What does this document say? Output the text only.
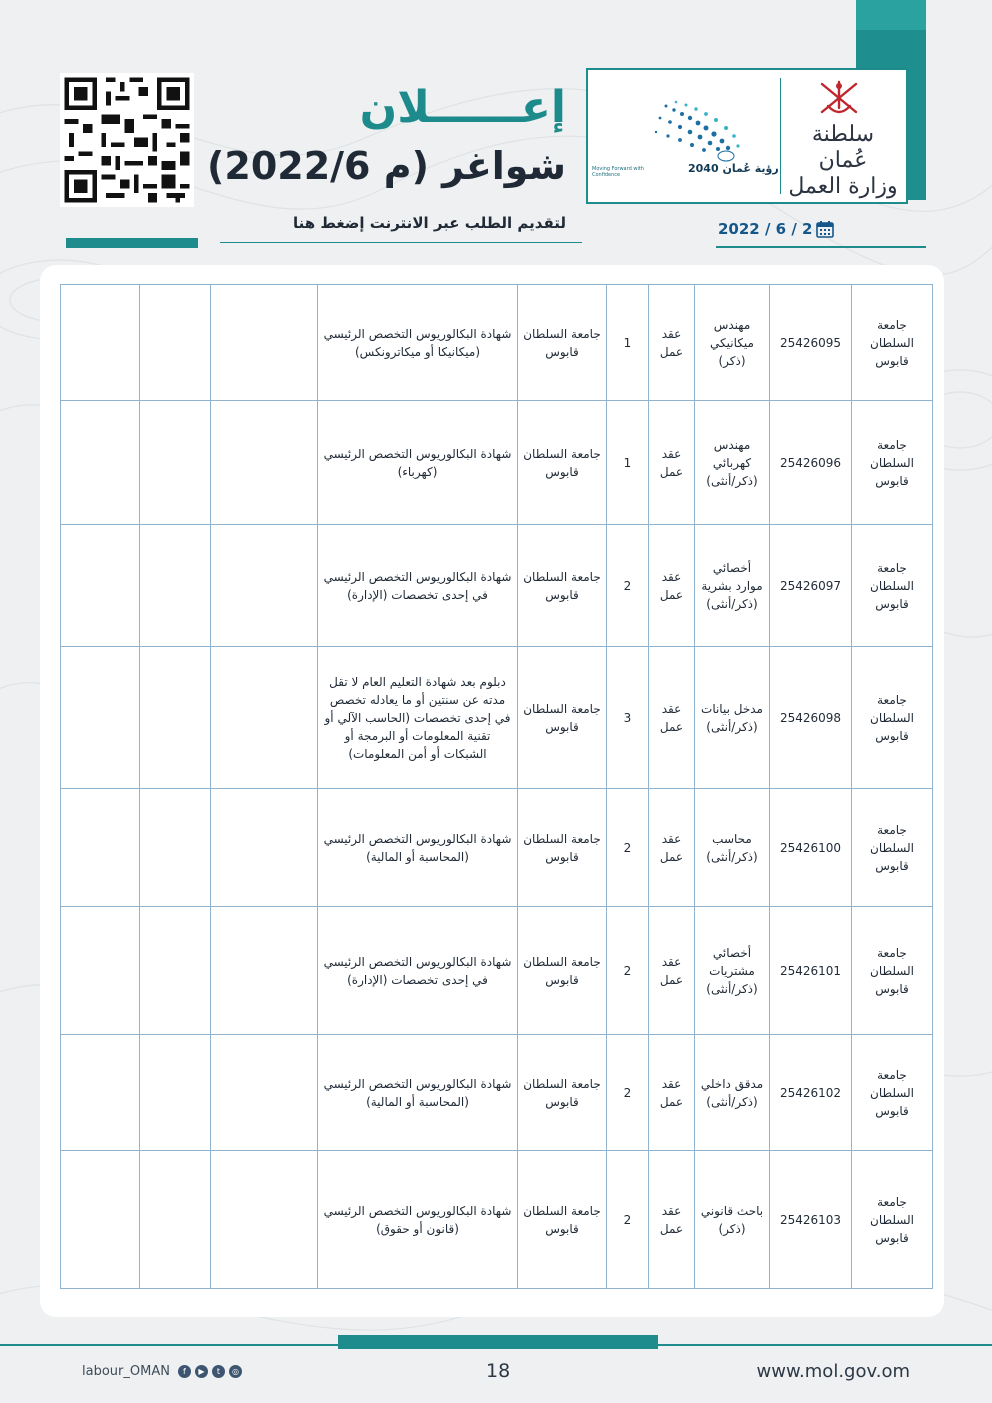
رؤية عُمان 2040
Moving Forward with Confidence
سلطنة عُمان
وزارة العمل
إعــــــلان
شواغر (م 2022/6)
لتقديم الطلب عبر الانترنت إضغط هنا	2022 / 6 / 2
جامعة السلطان قابوس	25426095	مهندس ميكانيكي (ذكر)	عقد عمل	1	جامعة السلطان قابوس	شهادة البكالوريوس التخصص الرئيسي (ميكانيكا أو ميكاترونكس)			
جامعة السلطان قابوس	25426096	مهندس كهربائي (ذكر/أنثى)	عقد عمل	1	جامعة السلطان قابوس	شهادة البكالوريوس التخصص الرئيسي (كهرباء)			
جامعة السلطان قابوس	25426097	أخصائي موارد بشرية (ذكر/أنثى)	عقد عمل	2	جامعة السلطان قابوس	شهادة البكالوريوس التخصص الرئيسي في إحدى تخصصات (الإدارة)			
جامعة السلطان قابوس	25426098	مدخل بيانات (ذكر/أنثى)	عقد عمل	3	جامعة السلطان قابوس	دبلوم بعد شهادة التعليم العام لا تقل مدته عن سنتين أو ما يعادله تخصص في إحدى تخصصات (الحاسب الآلي أو تقنية المعلومات أو البرمجة أو الشبكات أو أمن المعلومات)			
جامعة السلطان قابوس	25426100	محاسب (ذكر/أنثى)	عقد عمل	2	جامعة السلطان قابوس	شهادة البكالوريوس التخصص الرئيسي (المحاسبة أو المالية)			
جامعة السلطان قابوس	25426101	أخصائي مشتريات (ذكر/أنثى)	عقد عمل	2	جامعة السلطان قابوس	شهادة البكالوريوس التخصص الرئيسي في إحدى تخصصات (الإدارة)			
جامعة السلطان قابوس	25426102	مدقق داخلي (ذكر/أنثى)	عقد عمل	2	جامعة السلطان قابوس	شهادة البكالوريوس التخصص الرئيسي (المحاسبة أو المالية)			
جامعة السلطان قابوس	25426103	باحث قانوني (ذكر)	عقد عمل	2	جامعة السلطان قابوس	شهادة البكالوريوس التخصص الرئيسي (قانون أو حقوق)			
labour_OMAN	f	▶	t	◎	18	www.mol.gov.om
